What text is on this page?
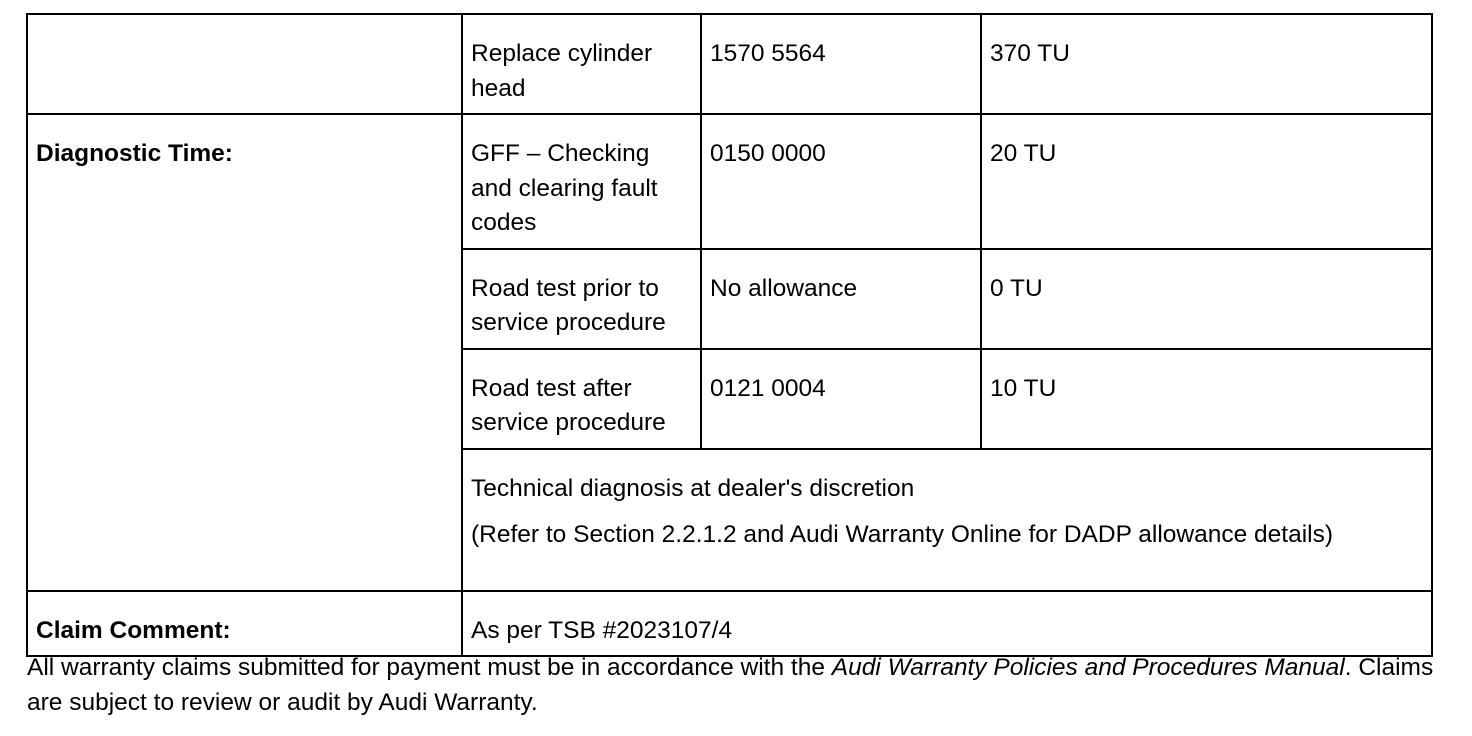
	Replace cylinder head	1570 5564	370 TU
Diagnostic Time:	GFF – Checking and clearing fault codes	0150 0000	20 TU
	Road test prior to service procedure	No allowance	0 TU
	Road test after service procedure	0121 0004	10 TU

	Technical diagnosis at dealer's discretion

(Refer to Section 2.2.1.2 and Audi Warranty Online for DADP allowance details)		

Claim Comment:	As per TSB #2023107/4		

All warranty claims submitted for payment must be in accordance with the Audi Warranty Policies and Procedures Manual. Claims are subject to review or audit by Audi Warranty.
